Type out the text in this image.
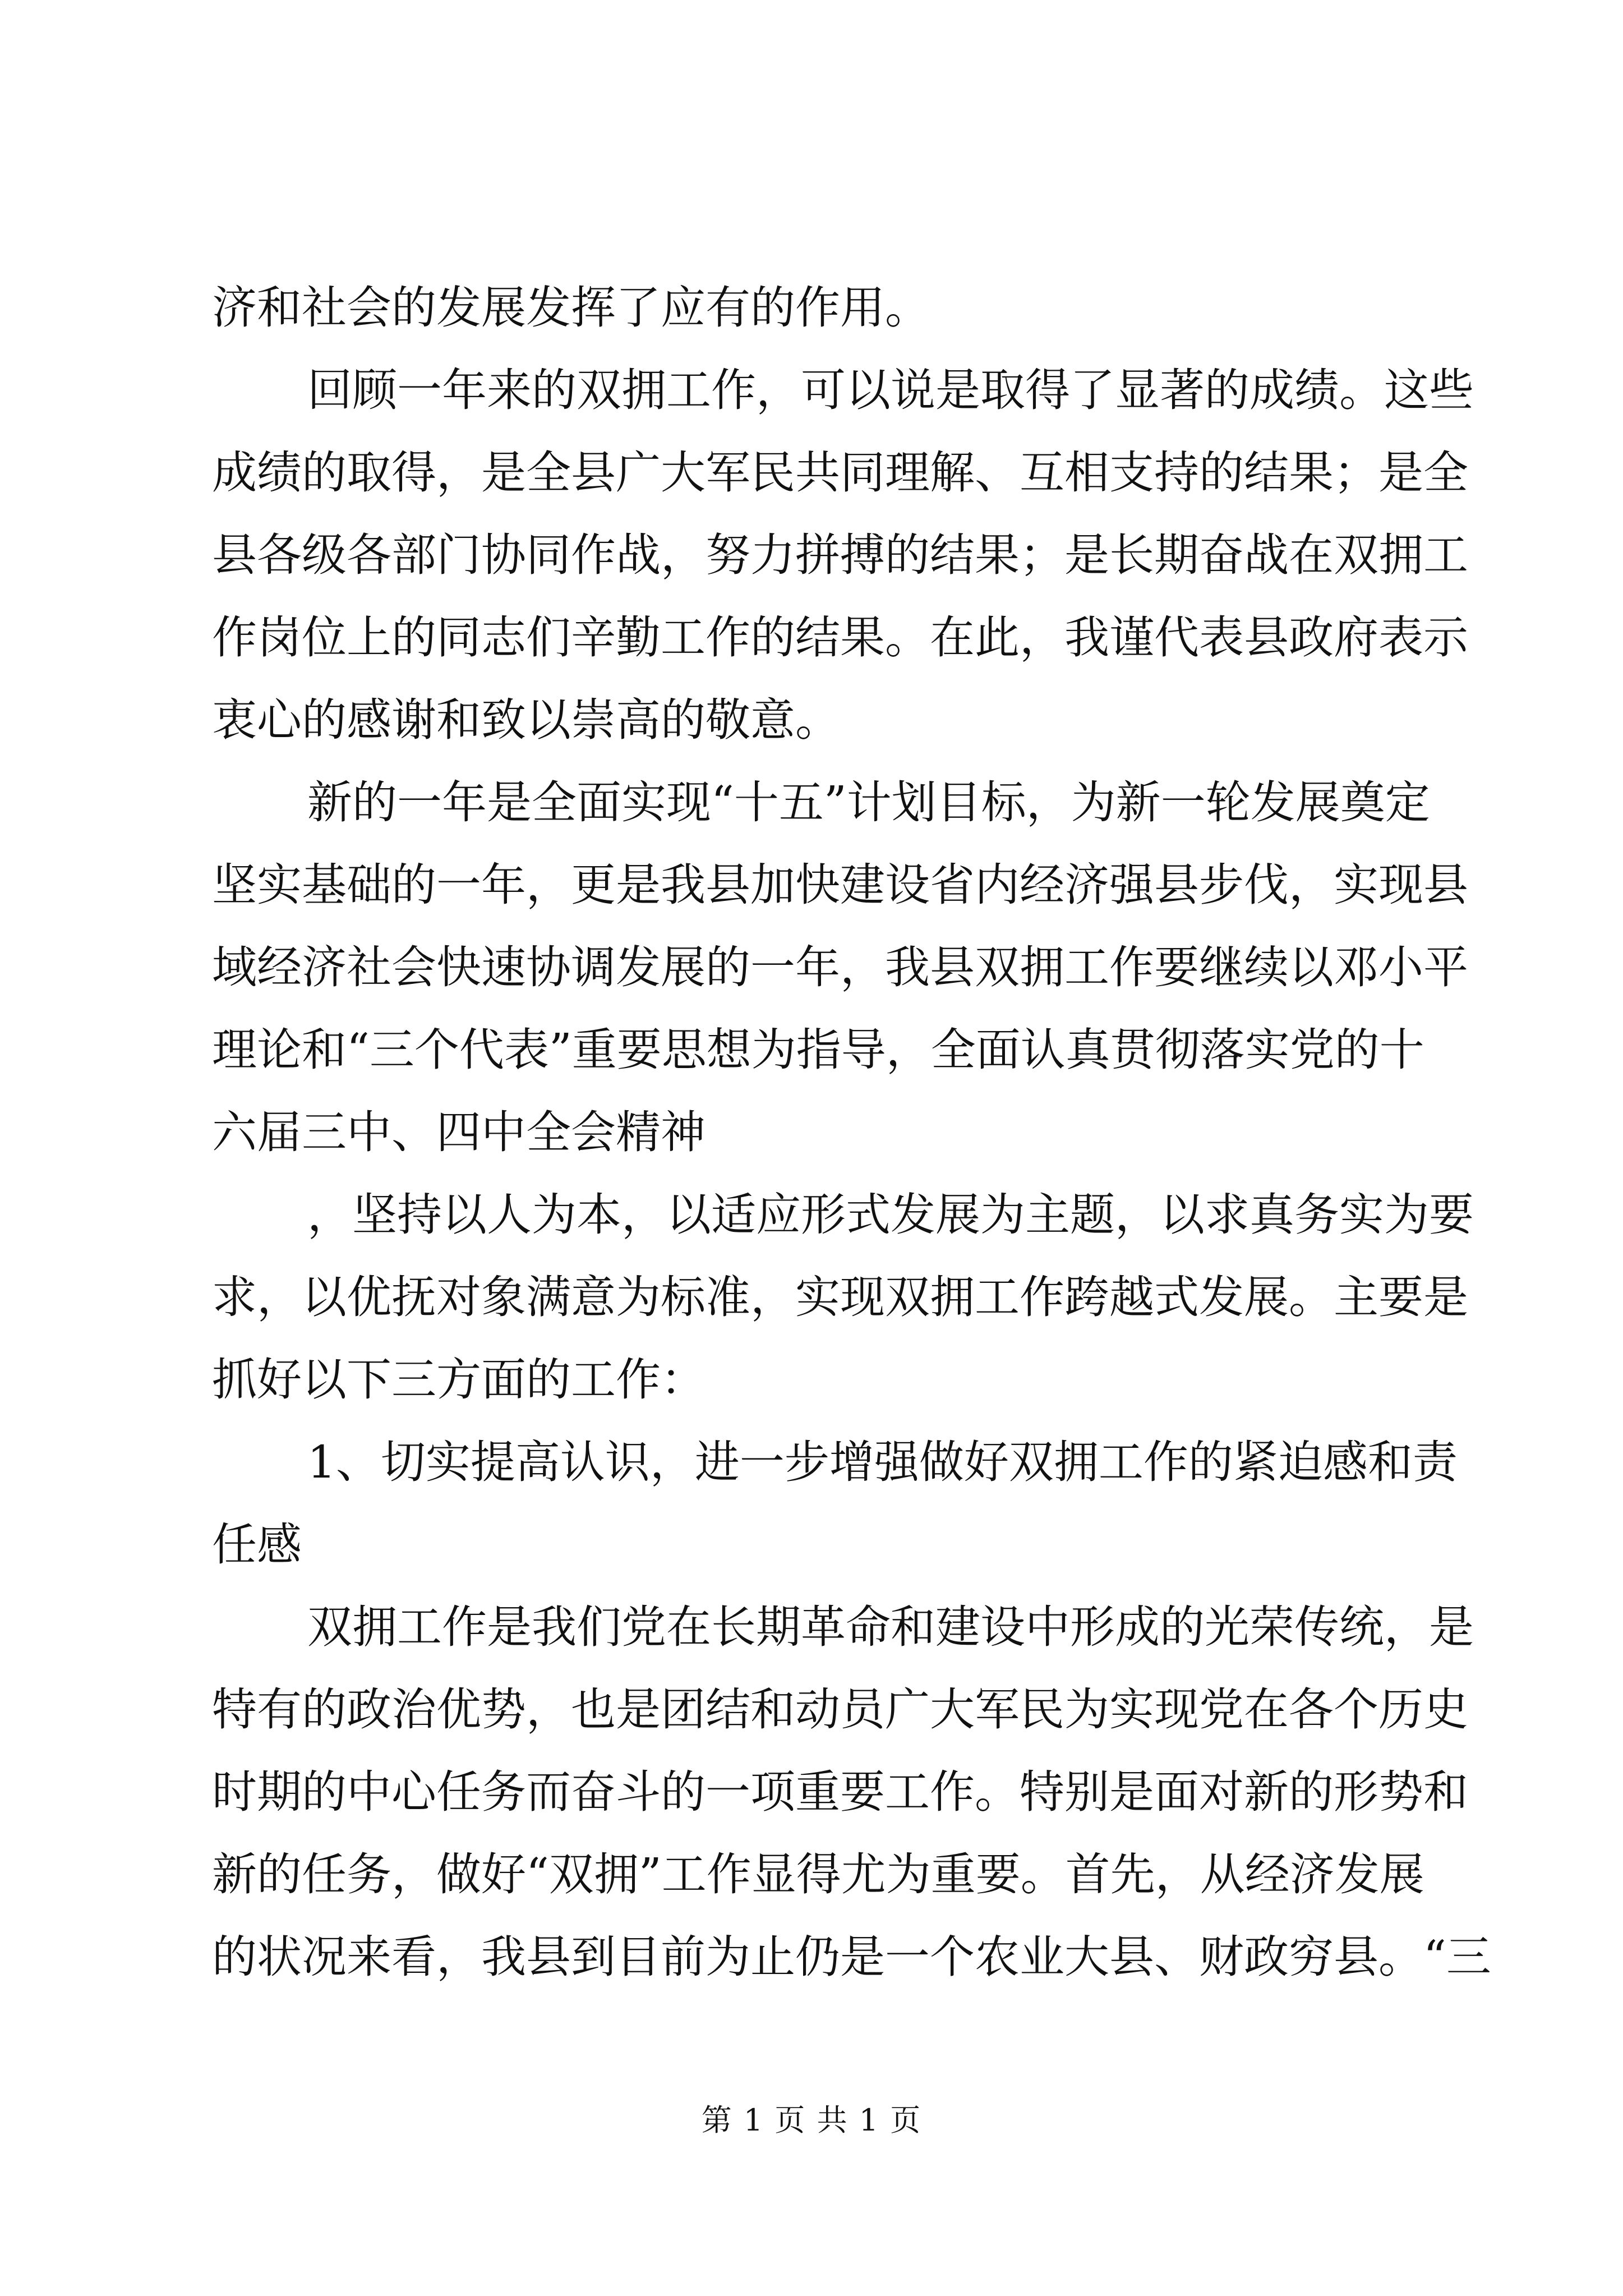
济和社会的发展发挥了应有的作用。
回顾一年来的双拥工作，可以说是取得了显著的成绩。这些
成绩的取得，是全县广大军民共同理解、互相支持的结果；是全
县各级各部门协同作战，努力拼搏的结果；是长期奋战在双拥工
作岗位上的同志们辛勤工作的结果。在此，我谨代表县政府表示
衷心的感谢和致以崇高的敬意。
新的一年是全面实现“十五”计划目标，为新一轮发展奠定
坚实基础的一年，更是我县加快建设省内经济强县步伐，实现县
域经济社会快速协调发展的一年，我县双拥工作要继续以邓小平
理论和“三个代表”重要思想为指导，全面认真贯彻落实党的十
六届三中、四中全会精神
，坚持以人为本，以适应形式发展为主题，以求真务实为要
求，以优抚对象满意为标准，实现双拥工作跨越式发展。主要是
抓好以下三方面的工作：
1、切实提高认识，进一步增强做好双拥工作的紧迫感和责
任感
双拥工作是我们党在长期革命和建设中形成的光荣传统，是
特有的政治优势，也是团结和动员广大军民为实现党在各个历史
时期的中心任务而奋斗的一项重要工作。特别是面对新的形势和
新的任务，做好“双拥”工作显得尤为重要。首先，从经济发展
的状况来看，我县到目前为止仍是一个农业大县、财政穷县。“三
第 1 页 共 1 页
